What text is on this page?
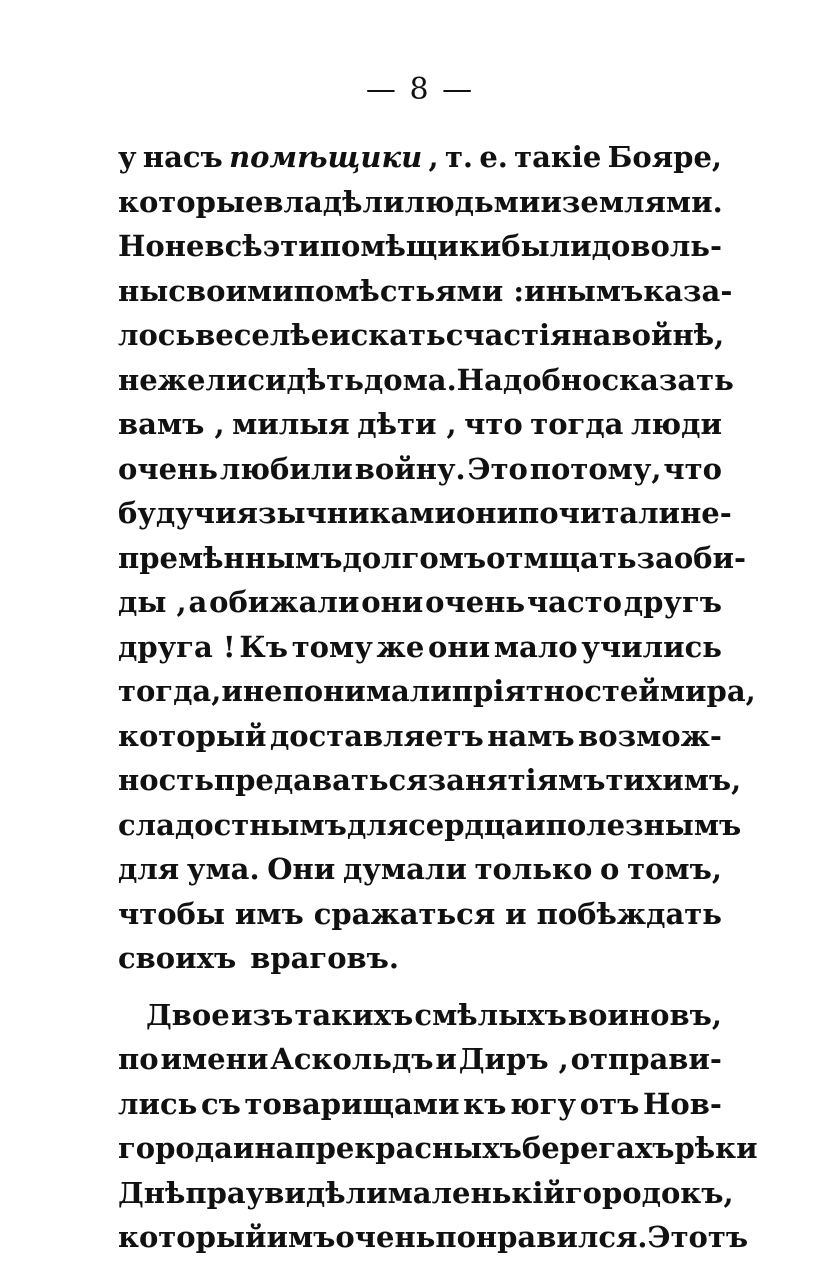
— 8 —
у насъ помѣщики , т. е. такіе Бояре,
которые владѣли людьми и землями.
Но не всѣ эти помѣщики были доволь-
ны своими помѣстьями : инымъ каза-
лось веселѣе искать счастія на войнѣ,
нежели сидѣть дома. Надобно сказать
вамъ , милыя дѣти , что тогда люди
очень любили войну. Это потому, что
будучи язычниками они почитали не-
премѣннымъ долгомъ отмщать за оби-
ды , а обижали они очень часто другъ
друга ! Къ тому же они мало учились
тогда, и не понимали пріятностей мира,
который доставляетъ намъ возмож-
ность предаваться занятіямъ тихимъ,
сладостнымъ для сердца и полезнымъ
для ума. Они думали только о томъ,
чтобы имъ сражаться и побѣждать
своихъ враговъ.
Двое изъ такихъ смѣлыхъ воиновъ,
по имени Аскольдъ и Диръ , отправи-
лись съ товарищами къ югу отъ Нов-
города и на прекрасныхъ берегахъ рѣки
Днѣпра увидѣли маленькій городокъ,
который имъ очень понравился. Этотъ
